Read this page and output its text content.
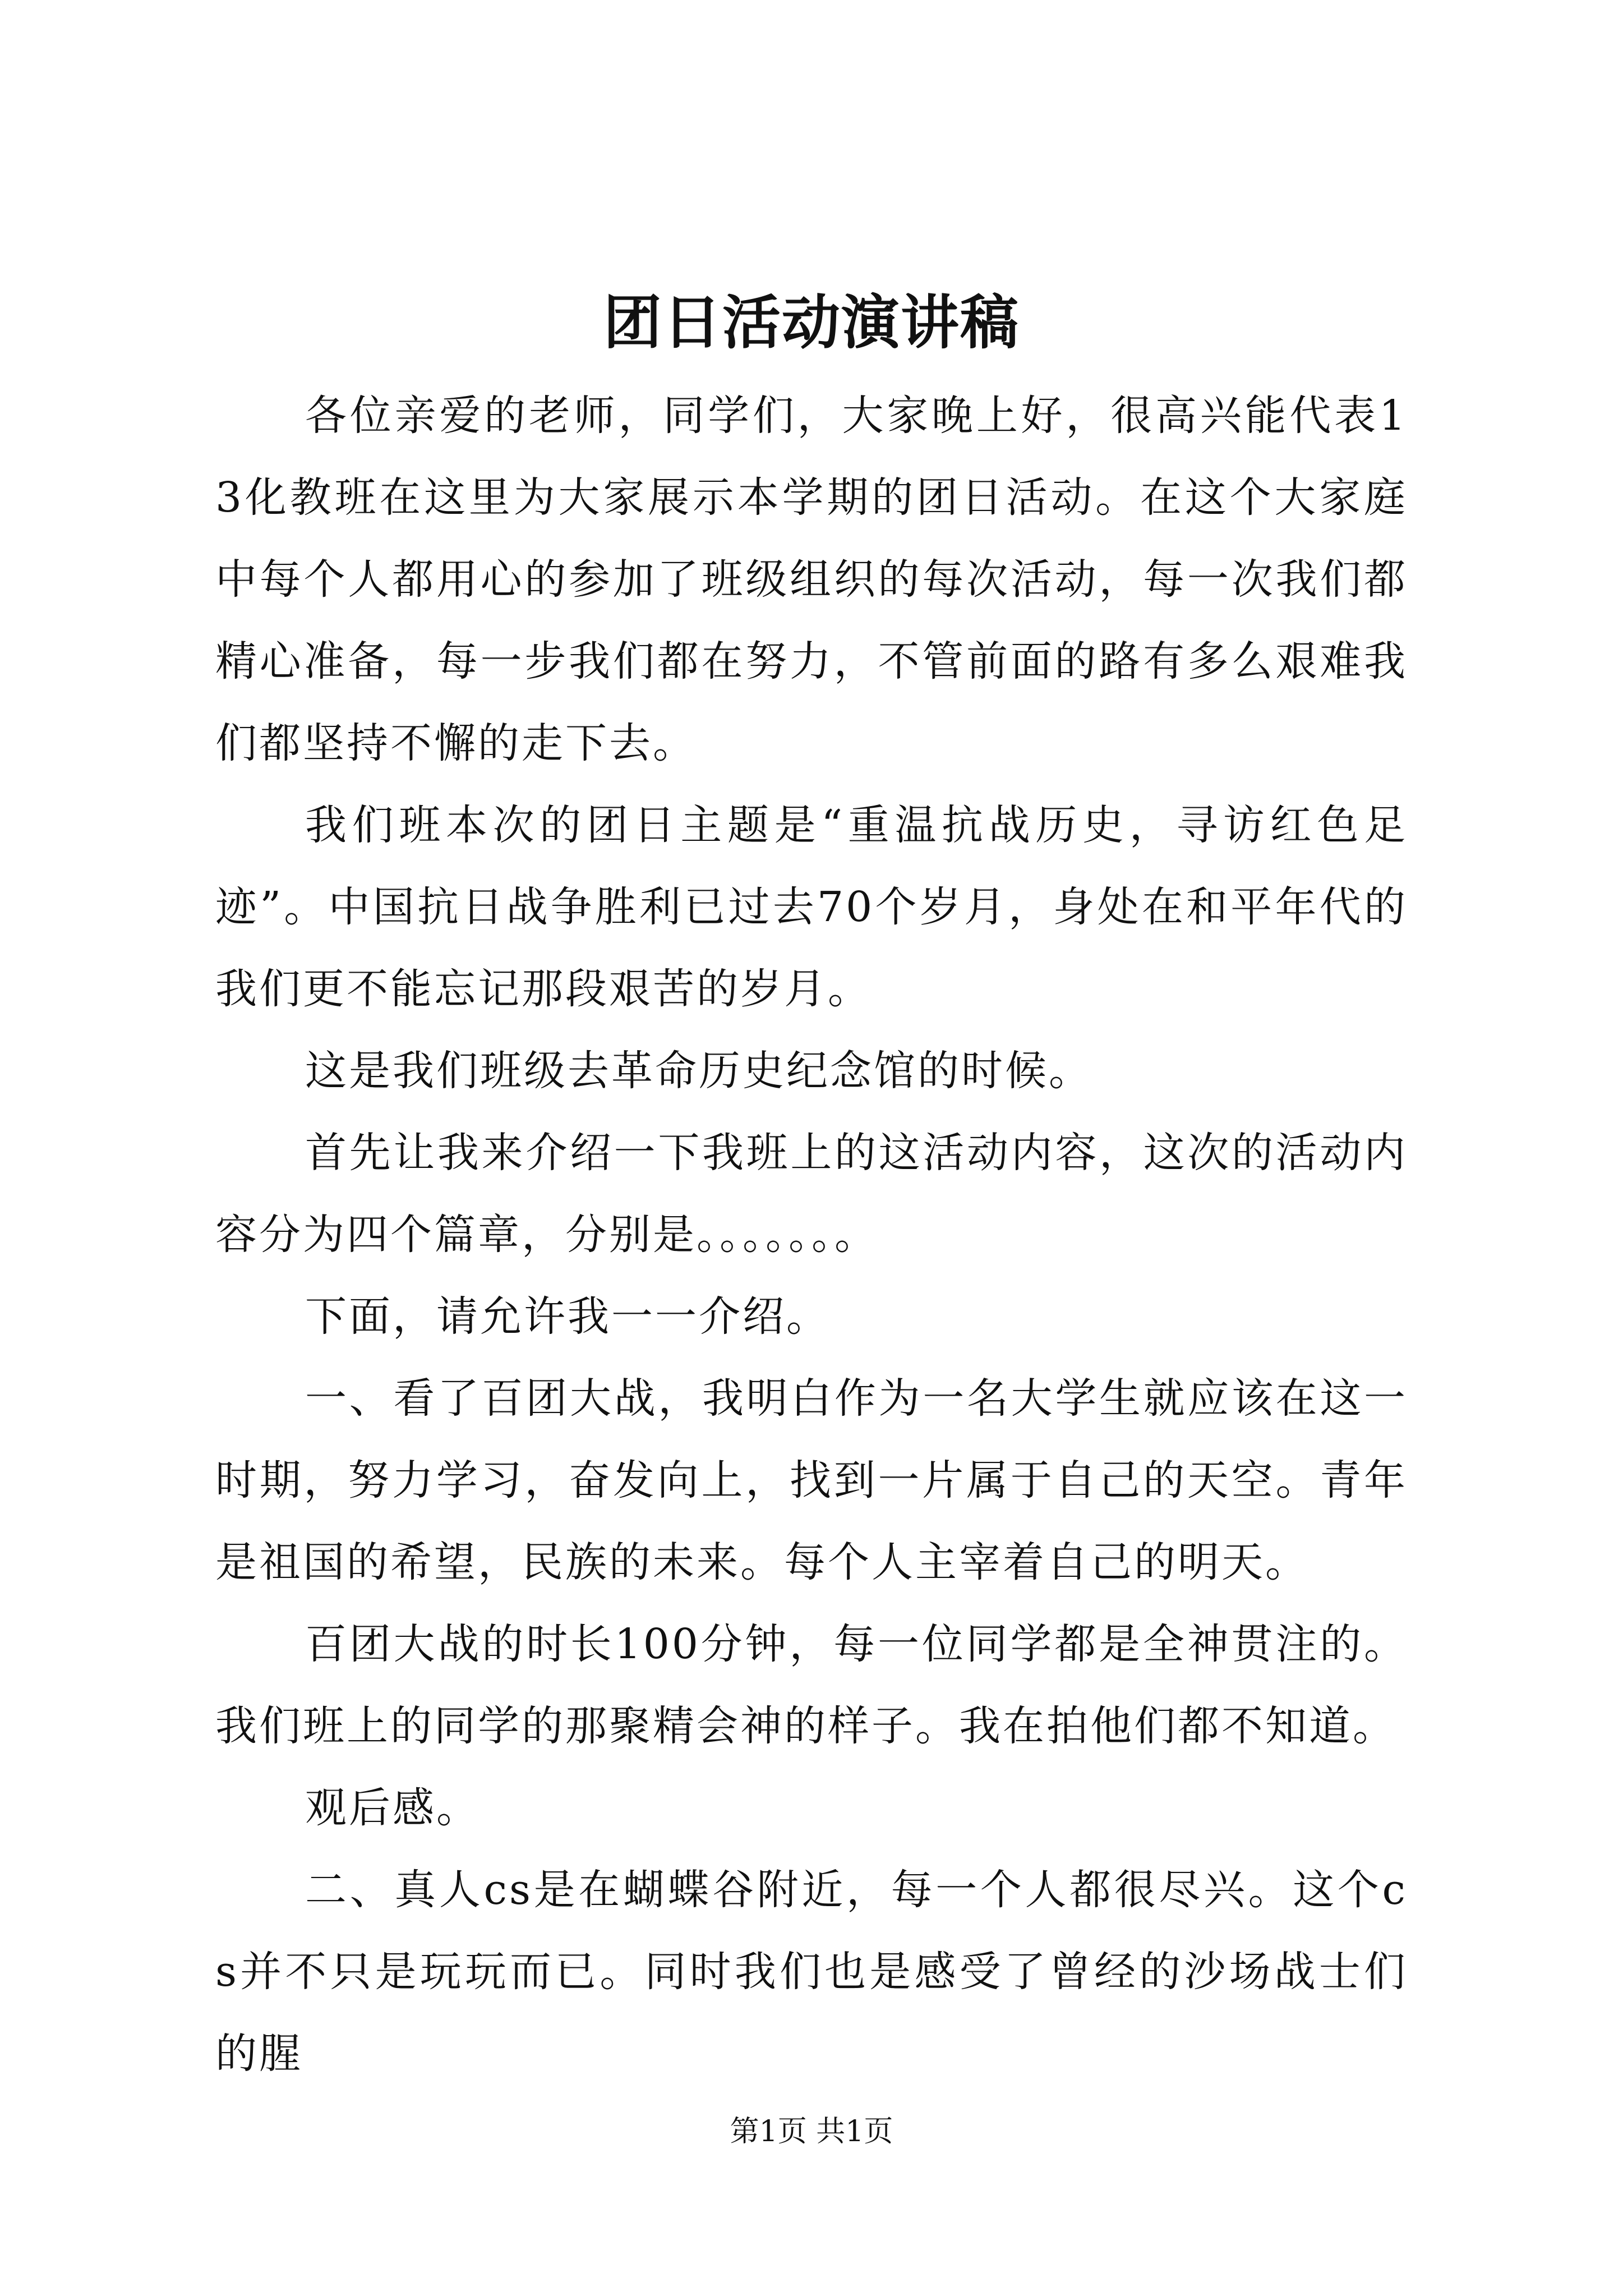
团日活动演讲稿

各位亲爱的老师，同学们，大家晚上好，很高兴能代表13化教班在这里为大家展示本学期的团日活动。在这个大家庭中每个人都用心的参加了班级组织的每次活动，每一次我们都精心准备，每一步我们都在努力，不管前面的路有多么艰难我们都坚持不懈的走下去。

我们班本次的团日主题是“重温抗战历史，寻访红色足迹”。中国抗日战争胜利已过去70个岁月，身处在和平年代的我们更不能忘记那段艰苦的岁月。

这是我们班级去革命历史纪念馆的时候。

首先让我来介绍一下我班上的这活动内容，这次的活动内容分为四个篇章，分别是。。。。。。。

下面，请允许我一一介绍。

一、看了百团大战，我明白作为一名大学生就应该在这一时期，努力学习，奋发向上，找到一片属于自己的天空。青年是祖国的希望，民族的未来。每个人主宰着自己的明天。

百团大战的时长100分钟，每一位同学都是全神贯注的。我们班上的同学的那聚精会神的样子。我在拍他们都不知道。

观后感。

二、真人cs是在蝴蝶谷附近，每一个人都很尽兴。这个cs并不只是玩玩而已。同时我们也是感受了曾经的沙场战士们的腥

第1页 共1页
